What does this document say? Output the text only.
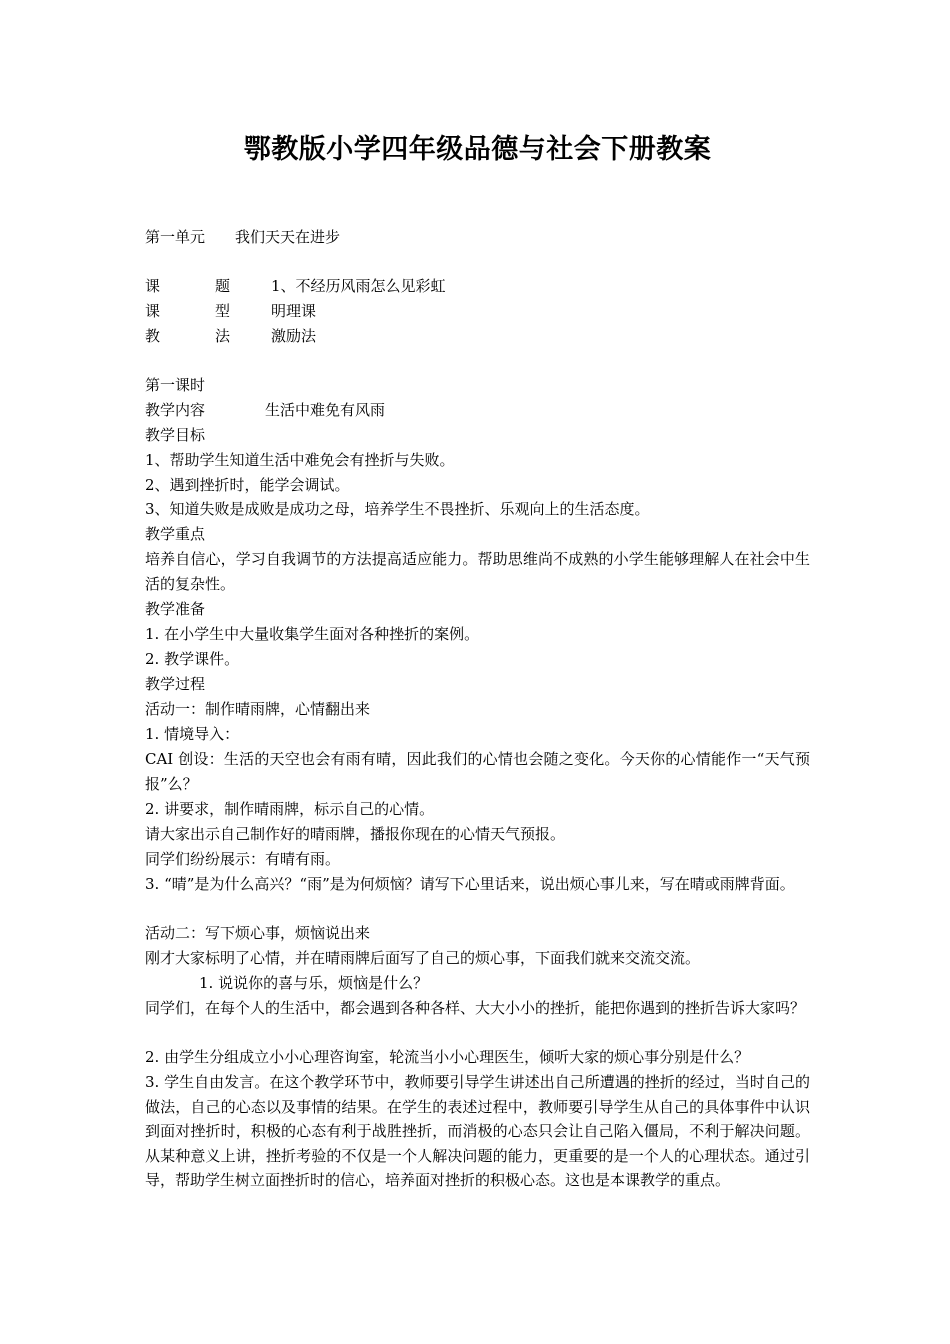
鄂教版小学四年级品德与社会下册教案
第一单元 我们天天在进步
课	题	1、不经历风雨怎么见彩虹
课	型	明理课
教	法	激励法
第一课时
教学内容	生活中难免有风雨
教学目标
1、帮助学生知道生活中难免会有挫折与失败。
2、遇到挫折时，能学会调试。
3、知道失败是成败是成功之母，培养学生不畏挫折、乐观向上的生活态度。
教学重点
培养自信心，学习自我调节的方法提高适应能力。帮助思维尚不成熟的小学生能够理解人在社会中生活的复杂性。
教学准备
1. 在小学生中大量收集学生面对各种挫折的案例。
2. 教学课件。
教学过程
活动一：制作晴雨牌，心情翻出来
1. 情境导入：
CAI 创设：生活的天空也会有雨有晴，因此我们的心情也会随之变化。今天你的心情能作一“天气预报”么？
2. 讲要求，制作晴雨牌，标示自己的心情。
请大家出示自己制作好的晴雨牌，播报你现在的心情天气预报。
同学们纷纷展示：有晴有雨。
3. “晴”是为什么高兴？“雨”是为何烦恼？请写下心里话来，说出烦心事儿来，写在晴或雨牌背面。
活动二：写下烦心事，烦恼说出来
刚才大家标明了心情，并在晴雨牌后面写了自己的烦心事，下面我们就来交流交流。
1. 说说你的喜与乐，烦恼是什么？
同学们，在每个人的生活中，都会遇到各种各样、大大小小的挫折，能把你遇到的挫折告诉大家吗？
2. 由学生分组成立小小心理咨询室，轮流当小小心理医生，倾听大家的烦心事分别是什么？
3. 学生自由发言。在这个教学环节中，教师要引导学生讲述出自己所遭遇的挫折的经过，当时自己的做法，自己的心态以及事情的结果。在学生的表述过程中，教师要引导学生从自己的具体事件中认识到面对挫折时，积极的心态有利于战胜挫折，而消极的心态只会让自己陷入僵局，不利于解决问题。从某种意义上讲，挫折考验的不仅是一个人解决问题的能力，更重要的是一个人的心理状态。通过引导，帮助学生树立面挫折时的信心，培养面对挫折的积极心态。这也是本课教学的重点。
